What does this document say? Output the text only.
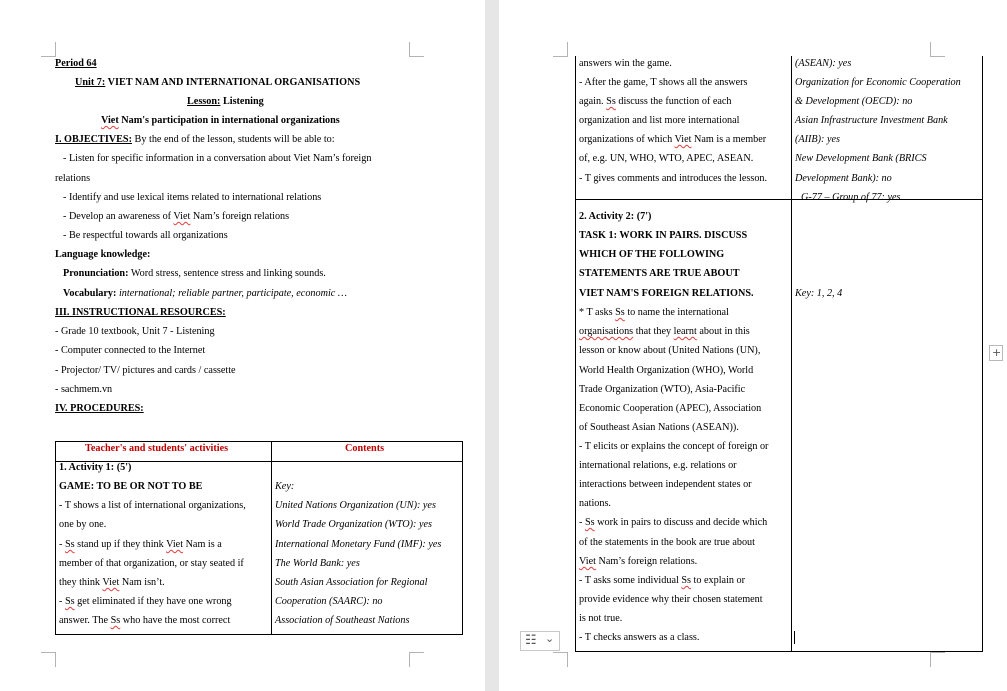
Period 64
Unit 7: VIET NAM AND INTERNATIONAL ORGANISATIONS
Lesson: Listening
Viet Nam's participation in international organizations
I. OBJECTIVES: By the end of the lesson, students will be able to:
- Listen for specific information in a conversation about Viet Nam’s foreign
relations
- Identify and use lexical items related to international relations
- Develop an awareness of Viet Nam’s foreign relations
- Be respectful towards all organizations
Language knowledge:
Pronunciation: Word stress, sentence stress and linking sounds.
Vocabulary: international; reliable partner, participate, economic …
III. INSTRUCTIONAL RESOURCES:
- Grade 10 textbook, Unit 7 - Listening
- Computer connected to the Internet
- Projector/ TV/ pictures and cards / cassette
- sachmem.vn
IV. PROCEDURES:
Teacher's and students' activities	Contents
1. Activity 1: (5')
GAME: TO BE OR NOT TO BE
- T shows a list of international organizations,
one by one.
- Ss stand up if they think Viet Nam is a
member of that organization, or stay seated if
they think Viet Nam isn’t.
- Ss get eliminated if they have one wrong
answer. The Ss who have the most correct
Key:
United Nations Organization (UN): yes
World Trade Organization (WTO): yes
International Monetary Fund (IMF): yes
The World Bank: yes
South Asian Association for Regional
Cooperation (SAARC): no
Association of Southeast Nations
answers win the game.
- After the game, T shows all the answers
again. Ss discuss the function of each
organization and list more international
organizations of which Viet Nam is a member
of, e.g. UN, WHO, WTO, APEC, ASEAN.
- T gives comments and introduces the lesson.
(ASEAN): yes
Organization for Economic Cooperation
& Development (OECD): no
Asian Infrastructure Investment Bank
(AIIB): yes
New Development Bank (BRICS
Development Bank): no
G-77 – Group of 77: yes
2. Activity 2: (7')
TASK 1: WORK IN PAIRS. DISCUSS
WHICH OF THE FOLLOWING
STATEMENTS ARE TRUE ABOUT
VIET NAM'S FOREIGN RELATIONS.	Key: 1, 2, 4
* T asks Ss to name the international
organisations that they learnt about in this
lesson or know about (United Nations (UN),
World Health Organization (WHO), World
Trade Organization (WTO), Asia-Pacific
Economic Cooperation (APEC), Association
of Southeast Asian Nations (ASEAN)).
- T elicits or explains the concept of foreign or
international relations, e.g. relations or
interactions between independent states or
nations.
- Ss work in pairs to discuss and decide which
of the statements in the book are true about
Viet Nam’s foreign relations.
- T asks some individual Ss to explain or
provide evidence why their chosen statement
is not true.
- T checks answers as a class.
☷ ⌄
+
